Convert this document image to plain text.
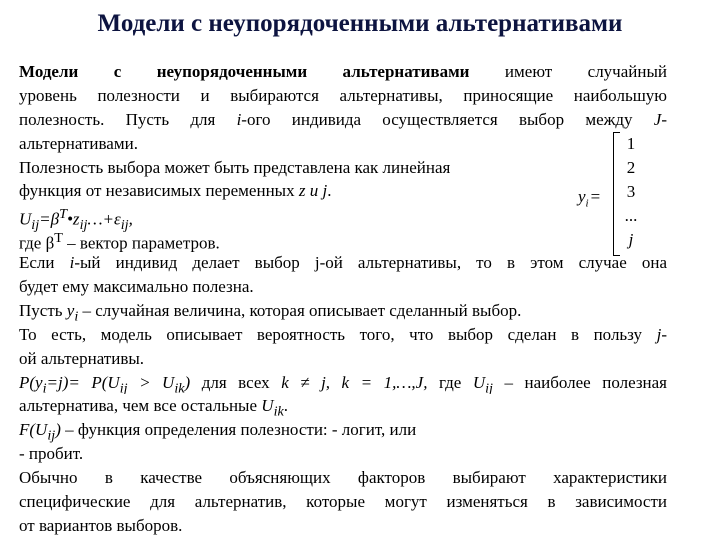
Модели с неупорядоченными альтернативами
Модели с неупорядоченными альтернативами имеют случайный
уровень полезности и выбираются альтернативы, приносящие наибольшую
полезность. Пусть для i-ого индивида осуществляется выбор между J-
альтернативами.
Полезность выбора может быть представлена как линейная
функция от независимых переменных z и j.
$U_{ij}=\beta^T•z_{ij}\dots+\varepsilon_{ij}$,
где $\beta^T$ – вектор параметров.
Если i-ый индивид делает выбор j-ой альтернативы, то в этом случае она
будет ему максимально полезна.
Пусть $y_i$ – случайная величина, которая описывает сделанный выбор.
То есть, модель описывает вероятность того, что выбор сделан в пользу j-
ой альтернативы.
$P(y_i=j)= P(U_{ij} > U_{ik})$ для всех k ≠ j, k = 1,…,J, где $U_{ij}$ – наиболее полезная
альтернатива, чем все остальные $U_{ik}$.
$F(U_{ij})$ – функция определения полезности: - логит, или
- пробит.
Обычно в качестве объясняющих факторов выбирают характеристики
специфические для альтернатив, которые могут изменяться в зависимости
от вариантов выборов.
$y_i$ =
1
2
3
...
j
